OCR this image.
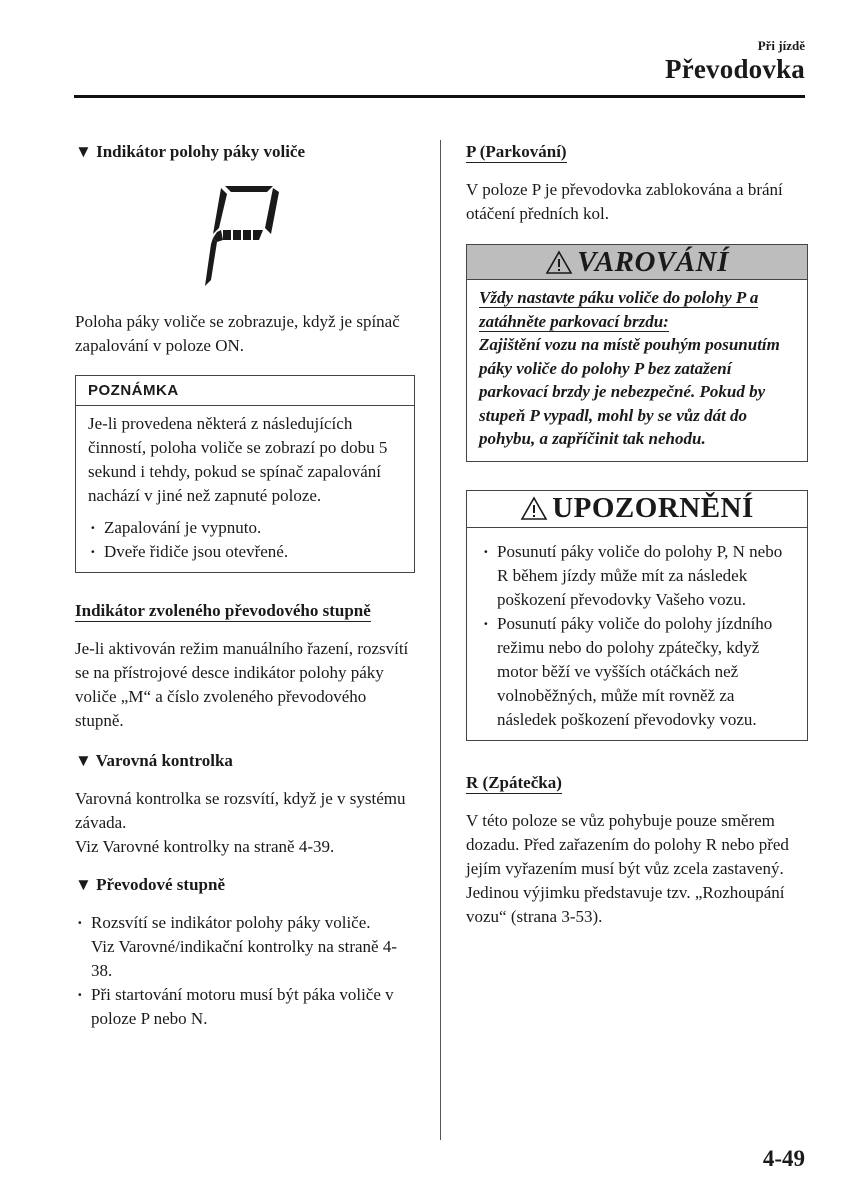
Při jízdě
Převodovka

▼ Indikátor polohy páky voliče

Poloha páky voliče se zobrazuje, když je spínač zapalování v poloze ON.

POZNÁMKA

Je-li provedena některá z následujících činností, poloha voliče se zobrazí po dobu 5 sekund i tehdy, pokud se spínač zapalování nachází v jiné než zapnuté poloze.

· Zapalování je vypnuto.

· Dveře řidiče jsou otevřené.

Indikátor zvoleného převodového stupně

Je-li aktivován režim manuálního řazení, rozsvítí se na přístrojové desce indikátor polohy páky voliče „M“ a číslo zvoleného převodového stupně.

▼ Varovná kontrolka

Varovná kontrolka se rozsvítí, když je v systému závada.
Viz Varovné kontrolky na straně 4-39.

▼ Převodové stupně

· Rozsvítí se indikátor polohy páky voliče.
Viz Varovné/indikační kontrolky na straně 4-38.

· Při startování motoru musí být páka voliče v poloze P nebo N.

P (Parkování)

V poloze P je převodovka zablokována a brání otáčení předních kol.

VAROVÁNÍ

Vždy nastavte páku voliče do polohy P a zatáhněte parkovací brzdu:

Zajištění vozu na místě pouhým posunutím páky voliče do polohy P bez zatažení parkovací brzdy je nebezpečné. Pokud by stupeň P vypadl, mohl by se vůz dát do pohybu, a zapříčinit tak nehodu.

UPOZORNĚNÍ

· Posunutí páky voliče do polohy P, N nebo R během jízdy může mít za následek poškození převodovky Vašeho vozu.

· Posunutí páky voliče do polohy jízdního režimu nebo do polohy zpátečky, když motor běží ve vyšších otáčkách než volnoběžných, může mít rovněž za následek poškození převodovky vozu.

R (Zpátečka)

V této poloze se vůz pohybuje pouze směrem dozadu. Před zařazením do polohy R nebo před jejím vyřazením musí být vůz zcela zastavený. Jedinou výjimku představuje tzv. „Rozhoupání vozu“ (strana 3-53).

4-49
